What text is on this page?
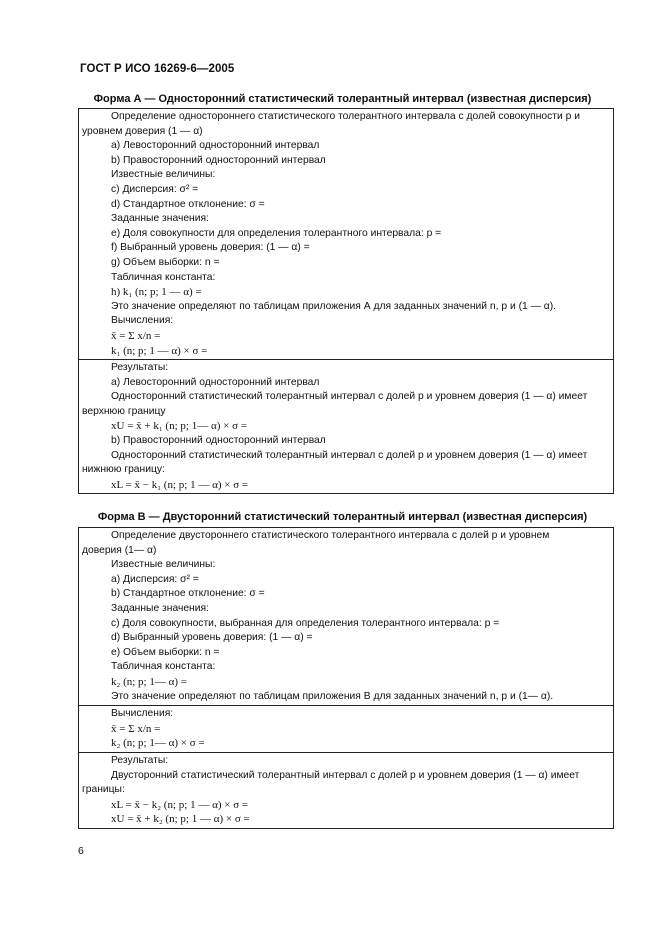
ГОСТ Р ИСО 16269-6—2005
Форма А — Односторонний статистический толерантный интервал (известная дисперсия)
Определение одностороннего статистического толерантного интервала с долей совокупности p и
уровнем доверия (1 — α)
a) Левосторонний односторонний интервал
b) Правосторонний односторонний интервал
Известные величины:
c) Дисперсия: σ² =
d) Стандартное отклонение: σ =
Заданные значения:
e) Доля совокупности для определения толерантного интервала: p =
f) Выбранный уровень доверия: (1 — α) =
g) Объем выборки: n =
Табличная константа:
h) k₁ (n; p; 1 — α) =
Это значение определяют по таблицам приложения А для заданных значений n, p и (1 — α).
Вычисления:
x̄ = Σ x/n =
k₁ (n; p; 1 — α) × σ =
Результаты:
a) Левосторонний односторонний интервал
Односторонний статистический толерантный интервал с долей p и уровнем доверия (1 — α) имеет
верхнюю границу
xU = x̄ + k₁ (n; p; 1— α) × σ =
b) Правосторонний односторонний интервал
Односторонний статистический толерантный интервал с долей p и уровнем доверия (1 — α) имеет
нижнюю границу:
xL = x̄ − k₁ (n; p; 1 — α) × σ =
Форма В — Двусторонний статистический толерантный интервал (известная дисперсия)
Определение двустороннего статистического толерантного интервала с долей p и уровнем
доверия (1— α)
Известные величины:
a) Дисперсия: σ² =
b) Стандартное отклонение: σ =
Заданные значения:
c) Доля совокупности, выбранная для определения толерантного интервала: p =
d) Выбранный уровень доверия: (1 — α) =
e) Объем выборки: n =
Табличная константа:
k₂ (n; p; 1— α) =
Это значение определяют по таблицам приложения В для заданных значений n, p и (1— α).
Вычисления:
x̄ = Σ x/n =
k₂ (n; p; 1— α) × σ =
Результаты:
Двусторонний статистический толерантный интервал с долей p и уровнем доверия (1 — α) имеет
границы:
xL = x̄ − k₂ (n; p; 1 — α) × σ =
xU = x̄ + k₂ (n; p; 1 — α) × σ =
6
